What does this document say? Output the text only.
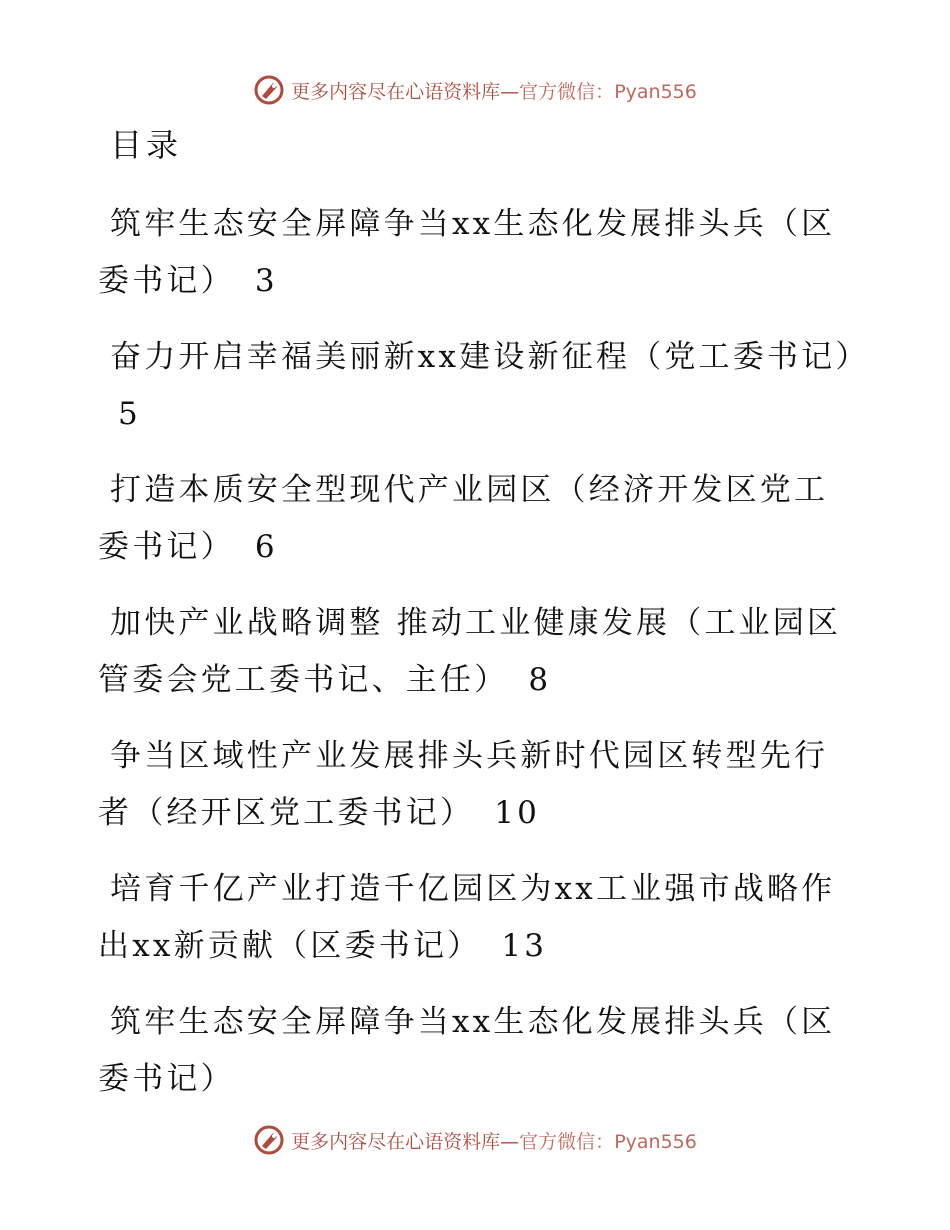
更多内容尽在心语资料库—官方微信：Pyan556
目录
筑牢生态安全屏障争当xx生态化发展排头兵（区委书记） 3
奋力开启幸福美丽新xx建设新征程（党工委书记）5
打造本质安全型现代产业园区（经济开发区党工委书记） 6
加快产业战略调整 推动工业健康发展（工业园区管委会党工委书记、主任） 8
争当区域性产业发展排头兵新时代园区转型先行者（经开区党工委书记） 10
培育千亿产业打造千亿园区为xx工业强市战略作出xx新贡献（区委书记） 13
筑牢生态安全屏障争当xx生态化发展排头兵（区委书记）
更多内容尽在心语资料库—官方微信：Pyan556
